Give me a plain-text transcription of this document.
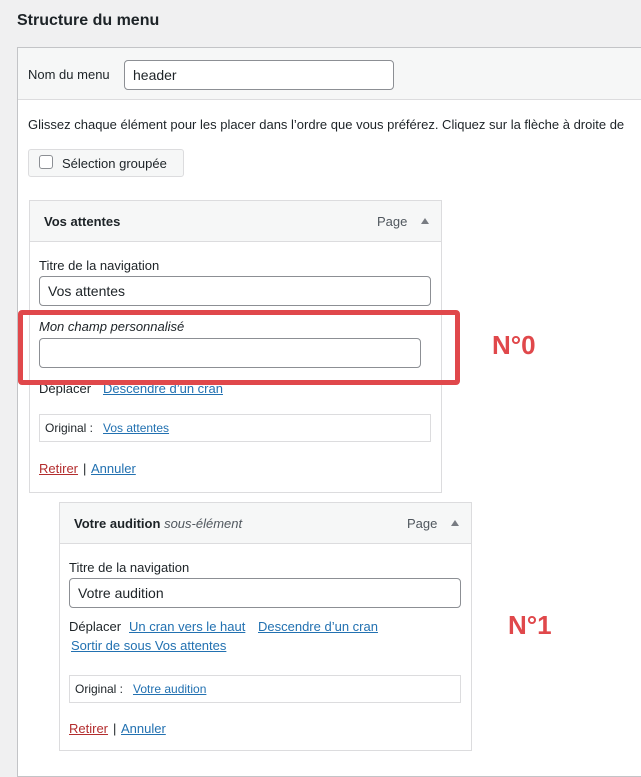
Structure du menu
Nom du menu
header
Glissez chaque élément pour les placer dans l’ordre que vous préférez. Cliquez sur la flèche à droite de
Sélection groupée
Vos attentes	Page
Titre de la navigation
Vos attentes
Mon champ personnalisé
Déplacer Descendre d’un cran
Original : Vos attentes
Retirer | Annuler
N°0
Votre audition sous-élément	Page
Titre de la navigation
Votre audition
Déplacer Un cran vers le haut Descendre d’un cran
Sortir de sous Vos attentes
Original : Votre audition
Retirer | Annuler
N°1
